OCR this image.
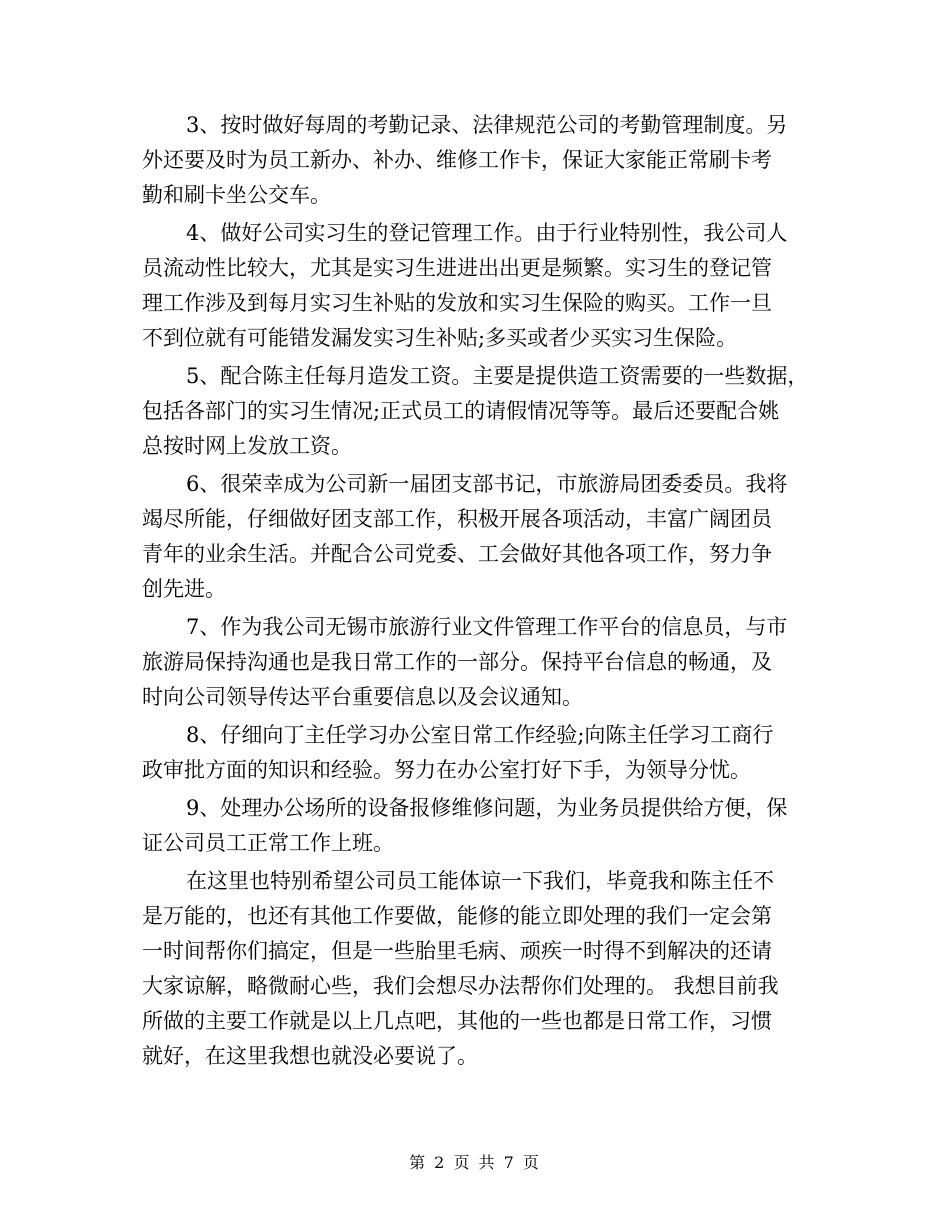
3、按时做好每周的考勤记录、法律规范公司的考勤管理制度。另
外还要及时为员工新办、补办、维修工作卡，保证大家能正常刷卡考
勤和刷卡坐公交车。
4、做好公司实习生的登记管理工作。由于行业特别性，我公司人
员流动性比较大，尤其是实习生进进出出更是频繁。实习生的登记管
理工作涉及到每月实习生补贴的发放和实习生保险的购买。工作一旦
不到位就有可能错发漏发实习生补贴;多买或者少买实习生保险。
5、配合陈主任每月造发工资。主要是提供造工资需要的一些数据，
包括各部门的实习生情况;正式员工的请假情况等等。最后还要配合姚
总按时网上发放工资。
6、很荣幸成为公司新一届团支部书记，市旅游局团委委员。我将
竭尽所能，仔细做好团支部工作，积极开展各项活动，丰富广阔团员
青年的业余生活。并配合公司党委、工会做好其他各项工作，努力争
创先进。
7、作为我公司无锡市旅游行业文件管理工作平台的信息员，与市
旅游局保持沟通也是我日常工作的一部分。保持平台信息的畅通，及
时向公司领导传达平台重要信息以及会议通知。
8、仔细向丁主任学习办公室日常工作经验;向陈主任学习工商行
政审批方面的知识和经验。努力在办公室打好下手，为领导分忧。
9、处理办公场所的设备报修维修问题，为业务员提供给方便，保
证公司员工正常工作上班。
在这里也特别希望公司员工能体谅一下我们，毕竟我和陈主任不
是万能的，也还有其他工作要做，能修的能立即处理的我们一定会第
一时间帮你们搞定，但是一些胎里毛病、顽疾一时得不到解决的还请
大家谅解，略微耐心些，我们会想尽办法帮你们处理的。 我想目前我
所做的主要工作就是以上几点吧，其他的一些也都是日常工作，习惯
就好，在这里我想也就没必要说了。
第 2 页 共 7 页
